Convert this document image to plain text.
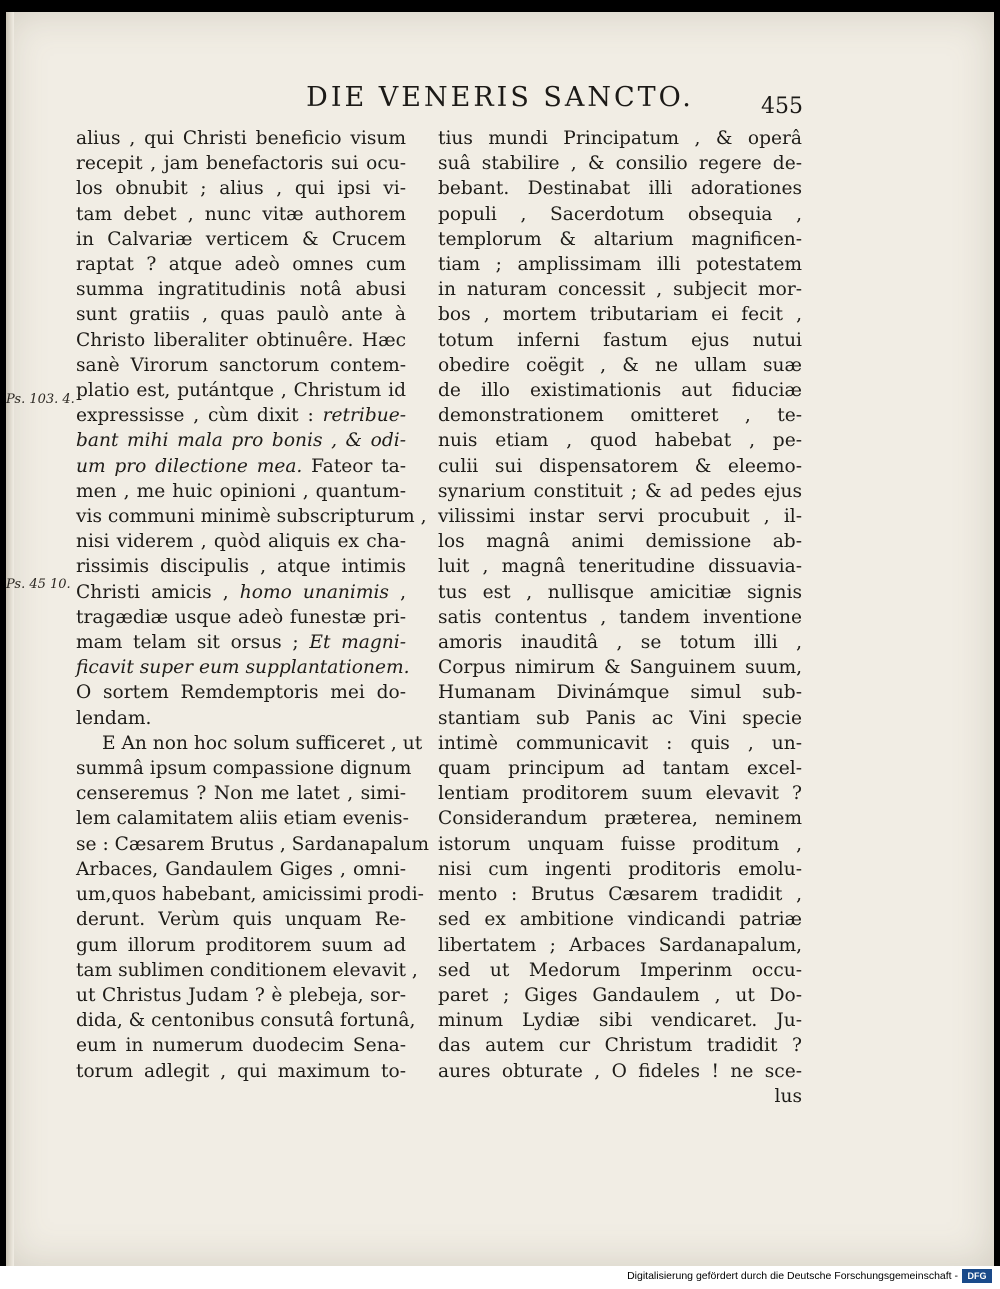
DIE VENERIS SANCTO.	455
Ps. 103. 4.
Ps. 45 10.
alius , qui Christi beneficio visum
recepit , jam benefactoris sui ocu-
los obnubit ; alius , qui ipsi vi-
tam debet , nunc vitæ authorem
in Calvariæ verticem & Crucem
raptat ? atque adeò omnes cum
summa ingratitudinis notâ abusi
sunt gratiis , quas paulò ante à
Christo liberaliter obtinuêre. Hæc
sanè Virorum sanctorum contem-
platio est, putántque , Christum id
expressisse , cùm dixit : retribue-
bant mihi mala pro bonis , & odi-
um pro dilectione mea. Fateor ta-
men , me huic opinioni , quantum-
vis communi minimè subscripturum ,
nisi viderem , quòd aliquis ex cha-
rissimis discipulis , atque intimis
Christi amicis , homo unanimis ,
tragædiæ usque adeò funestæ pri-
mam telam sit orsus ; Et magni-
ficavit super eum supplantationem.
O sortem Remdemptoris mei do-
lendam.
E An non hoc solum sufficeret , ut
summâ ipsum compassione dignum
censeremus ? Non me latet , simi-
lem calamitatem aliis etiam evenis-
se : Cæsarem Brutus , Sardanapalum
Arbaces, Gandaulem Giges , omni-
um,quos habebant, amicissimi prodi-
derunt. Verùm quis unquam Re-
gum illorum proditorem suum ad
tam sublimen conditionem elevavit ,
ut Christus Judam ? è plebeja, sor-
dida, & centonibus consutâ fortunâ,
eum in numerum duodecim Sena-
torum adlegit , qui maximum to-
tius mundi Principatum , & operâ
suâ stabilire , & consilio regere de-
bebant. Destinabat illi adorationes
populi , Sacerdotum obsequia ,
templorum & altarium magnificen-
tiam ; amplissimam illi potestatem
in naturam concessit , subjecit mor-
bos , mortem tributariam ei fecit ,
totum inferni fastum ejus nutui
obedire coëgit , & ne ullam suæ
de illo existimationis aut fiduciæ
demonstrationem omitteret , te-
nuis etiam , quod habebat , pe-
culii sui dispensatorem & eleemo-
synarium constituit ; & ad pedes ejus
vilissimi instar servi procubuit , il-
los magnâ animi demissione ab-
luit , magnâ teneritudine dissuavia-
tus est , nullisque amicitiæ signis
satis contentus , tandem inventione
amoris inauditâ , se totum illi ,
Corpus nimirum & Sanguinem suum,
Humanam Divinámque simul sub-
stantiam sub Panis ac Vini specie
intimè communicavit : quis , un-
quam principum ad tantam excel-
lentiam proditorem suum elevavit ?
Considerandum præterea, neminem
istorum unquam fuisse proditum ,
nisi cum ingenti proditoris emolu-
mento : Brutus Cæsarem tradidit ,
sed ex ambitione vindicandi patriæ
libertatem ; Arbaces Sardanapalum,
sed ut Medorum Imperinm occu-
paret ; Giges Gandaulem , ut Do-
minum Lydiæ sibi vendicaret. Ju-
das autem cur Christum tradidit ?
aures obturate , O fideles ! ne sce-
lus
Digitalisierung gefördert durch die Deutsche Forschungsgemeinschaft -	DFG
